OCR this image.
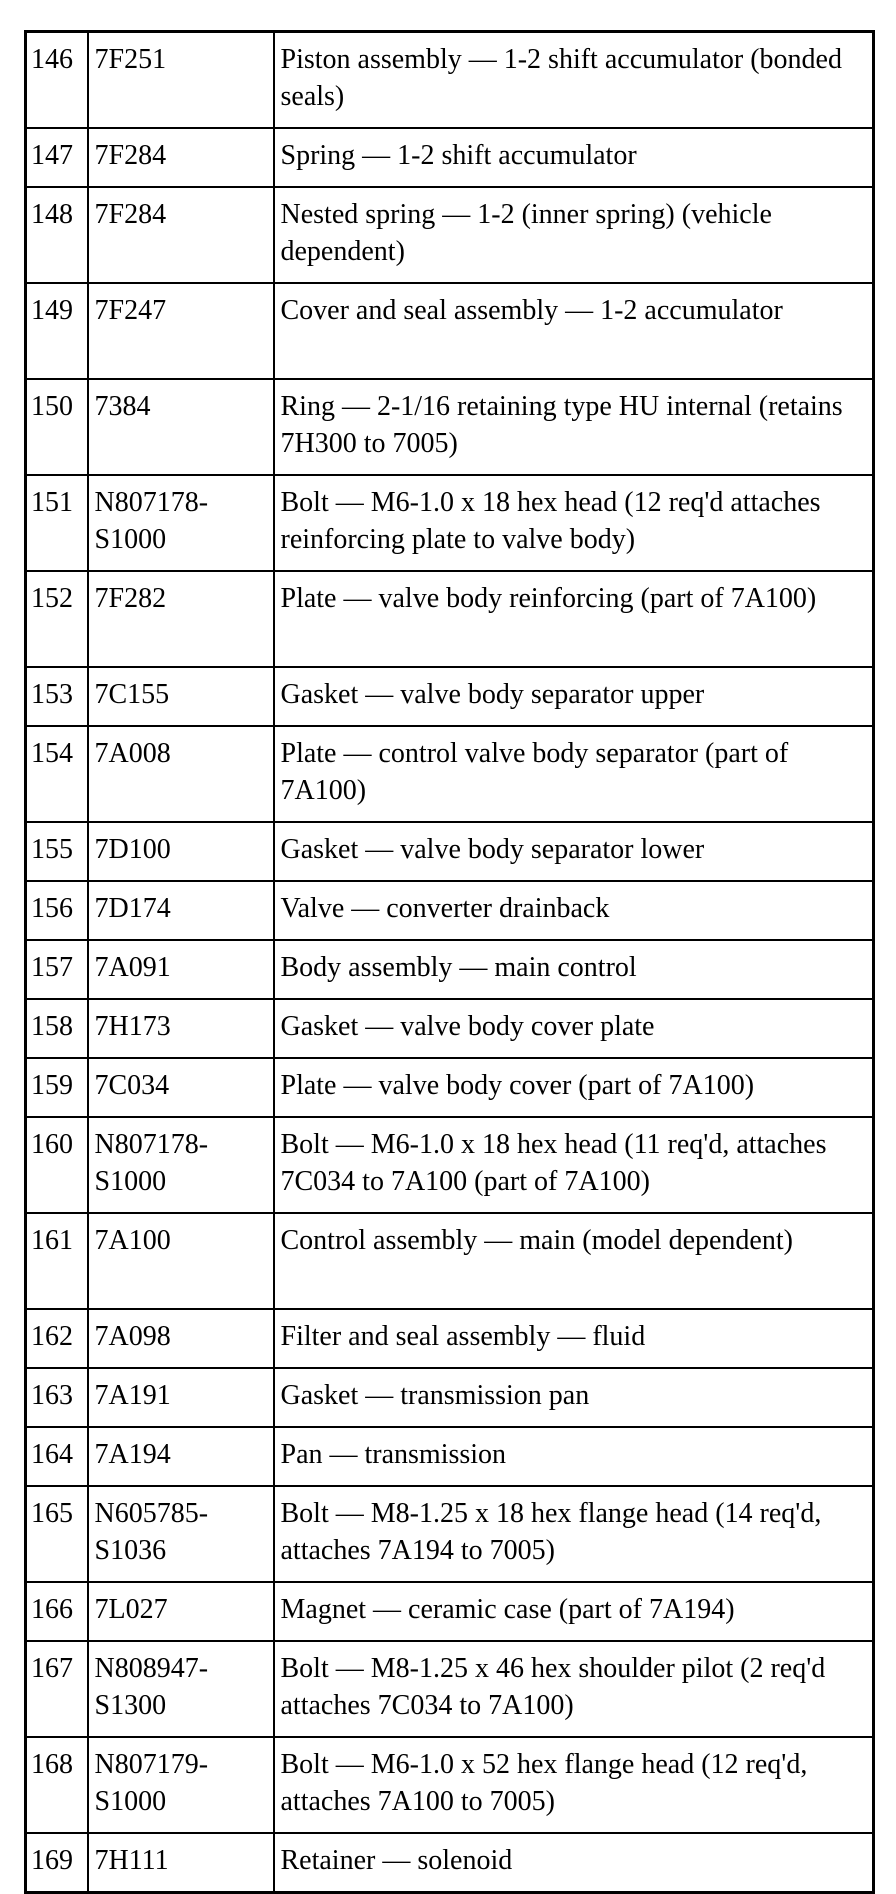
146	7F251	Piston assembly — 1-2 shift accumulator (bonded seals)
147	7F284	Spring — 1-2 shift accumulator
148	7F284	Nested spring — 1-2 (inner spring) (vehicle dependent)
149	7F247	Cover and seal assembly — 1-2 accumulator
150	7384	Ring — 2-1/16 retaining type HU internal (retains 7H300 to 7005)
151	N807178-S1000	Bolt — M6-1.0 x 18 hex head (12 req'd attaches reinforcing plate to valve body)
152	7F282	Plate — valve body reinforcing (part of 7A100)
153	7C155	Gasket — valve body separator upper
154	7A008	Plate — control valve body separator (part of 7A100)
155	7D100	Gasket — valve body separator lower
156	7D174	Valve — converter drainback
157	7A091	Body assembly — main control
158	7H173	Gasket — valve body cover plate
159	7C034	Plate — valve body cover (part of 7A100)
160	N807178-S1000	Bolt — M6-1.0 x 18 hex head (11 req'd, attaches 7C034 to 7A100 (part of 7A100)
161	7A100	Control assembly — main (model dependent)
162	7A098	Filter and seal assembly — fluid
163	7A191	Gasket — transmission pan
164	7A194	Pan — transmission
165	N605785-S1036	Bolt — M8-1.25 x 18 hex flange head (14 req'd, attaches 7A194 to 7005)
166	7L027	Magnet — ceramic case (part of 7A194)
167	N808947-S1300	Bolt — M8-1.25 x 46 hex shoulder pilot (2 req'd attaches 7C034 to 7A100)
168	N807179-S1000	Bolt — M6-1.0 x 52 hex flange head (12 req'd, attaches 7A100 to 7005)
169	7H111	Retainer — solenoid
